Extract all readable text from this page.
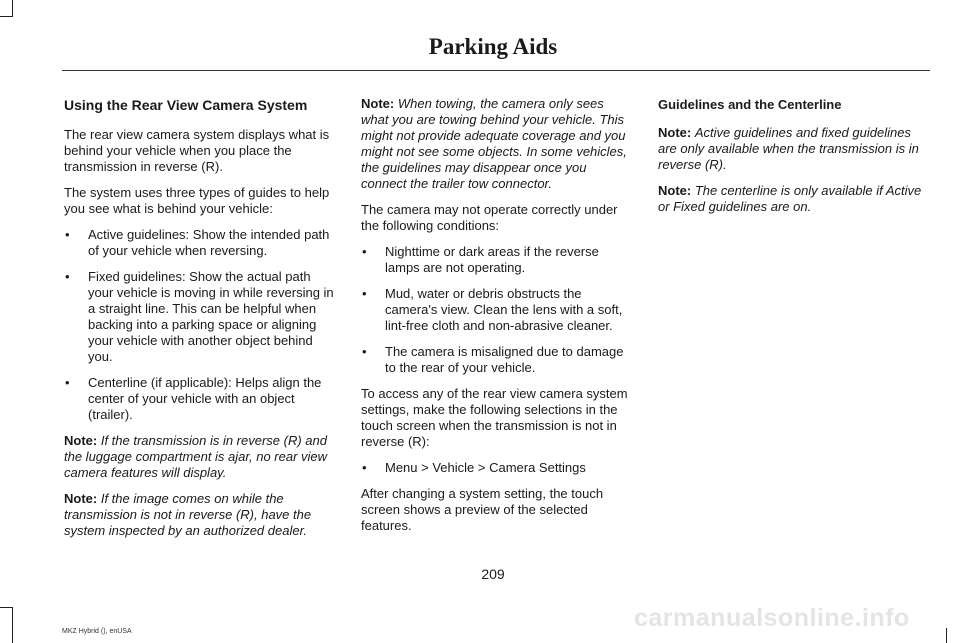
Parking Aids
Using the Rear View Camera System

The rear view camera system displays what is behind your vehicle when you place the transmission in reverse (R).

The system uses three types of guides to help you see what is behind your vehicle:

• Active guidelines: Show the intended path of your vehicle when reversing.
• Fixed guidelines: Show the actual path your vehicle is moving in while reversing in a straight line. This can be helpful when backing into a parking space or aligning your vehicle with another object behind you.
• Centerline (if applicable): Helps align the center of your vehicle with an object (trailer).

Note: If the transmission is in reverse (R) and the luggage compartment is ajar, no rear view camera features will display.

Note: If the image comes on while the transmission is not in reverse (R), have the system inspected by an authorized dealer.

Note: When towing, the camera only sees what you are towing behind your vehicle. This might not provide adequate coverage and you might not see some objects. In some vehicles, the guidelines may disappear once you connect the trailer tow connector.

The camera may not operate correctly under the following conditions:

• Nighttime or dark areas if the reverse lamps are not operating.
• Mud, water or debris obstructs the camera's view. Clean the lens with a soft, lint-free cloth and non-abrasive cleaner.
• The camera is misaligned due to damage to the rear of your vehicle.

To access any of the rear view camera system settings, make the following selections in the touch screen when the transmission is not in reverse (R):

• Menu > Vehicle > Camera Settings

After changing a system setting, the touch screen shows a preview of the selected features.

Guidelines and the Centerline

Note: Active guidelines and fixed guidelines are only available when the transmission is in reverse (R).

Note: The centerline is only available if Active or Fixed guidelines are on.

209
MKZ Hybrid (), enUSA	carmanualsonline.info
